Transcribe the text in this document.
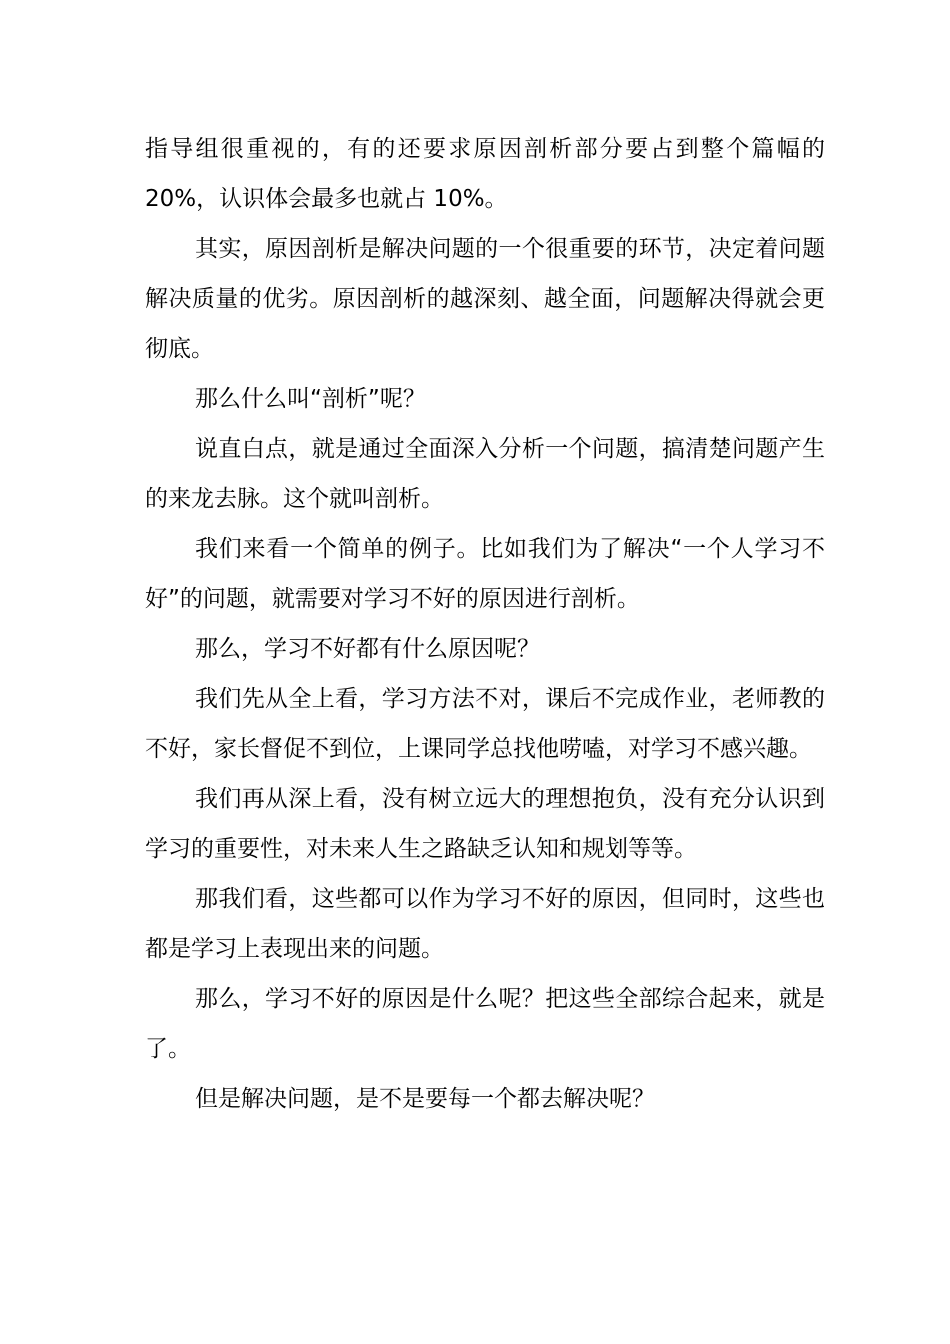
指导组很重视的，有的还要求原因剖析部分要占到整个篇幅的 20%，认识体会最多也就占 10%。

其实，原因剖析是解决问题的一个很重要的环节，决定着问题解决质量的优劣。原因剖析的越深刻、越全面，问题解决得就会更彻底。

那么什么叫“剖析”呢？

说直白点，就是通过全面深入分析一个问题，搞清楚问题产生的来龙去脉。这个就叫剖析。

我们来看一个简单的例子。比如我们为了解决“一个人学习不好”的问题，就需要对学习不好的原因进行剖析。

那么，学习不好都有什么原因呢？

我们先从全上看，学习方法不对，课后不完成作业，老师教的不好，家长督促不到位，上课同学总找他唠嗑，对学习不感兴趣。

我们再从深上看，没有树立远大的理想抱负，没有充分认识到学习的重要性，对未来人生之路缺乏认知和规划等等。

那我们看，这些都可以作为学习不好的原因，但同时，这些也都是学习上表现出来的问题。

那么，学习不好的原因是什么呢？把这些全部综合起来，就是了。

但是解决问题，是不是要每一个都去解决呢？
